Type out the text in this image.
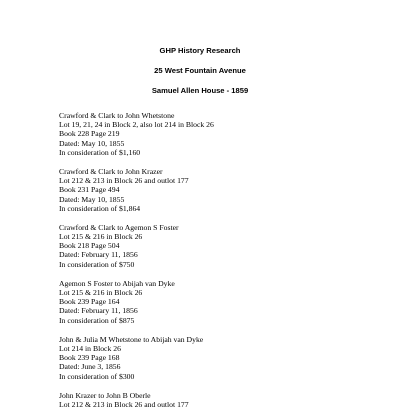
GHP History Research
25 West Fountain Avenue
Samuel Allen House - 1859
Crawford & Clark to John Whetstone
Lot 19, 21, 24 in Block 2, also lot 214 in Block 26
Book 228 Page 219
Dated: May 10, 1855
In consideration of $1,160
Crawford & Clark to John Krazer
Lot 212 & 213 in Block 26 and outlot 177
Book 231 Page 494
Dated: May 10, 1855
In consideration of $1,864
Crawford & Clark to Agemon S Foster
Lot 215 & 216 in Block 26
Book 218 Page 504
Dated: February 11, 1856
In consideration of $750
Agemon S Foster to Abijah van Dyke
Lot 215 & 216 in Block 26
Book 239 Page 164
Dated: February 11, 1856
In consideration of $875
John & Julia M Whetstone to Abijah van Dyke
Lot 214 in Block 26
Book 239 Page 168
Dated: June 3, 1856
In consideration of $300
John Krazer to John B Oberle
Lot 212 & 213 in Block 26 and outlot 177
